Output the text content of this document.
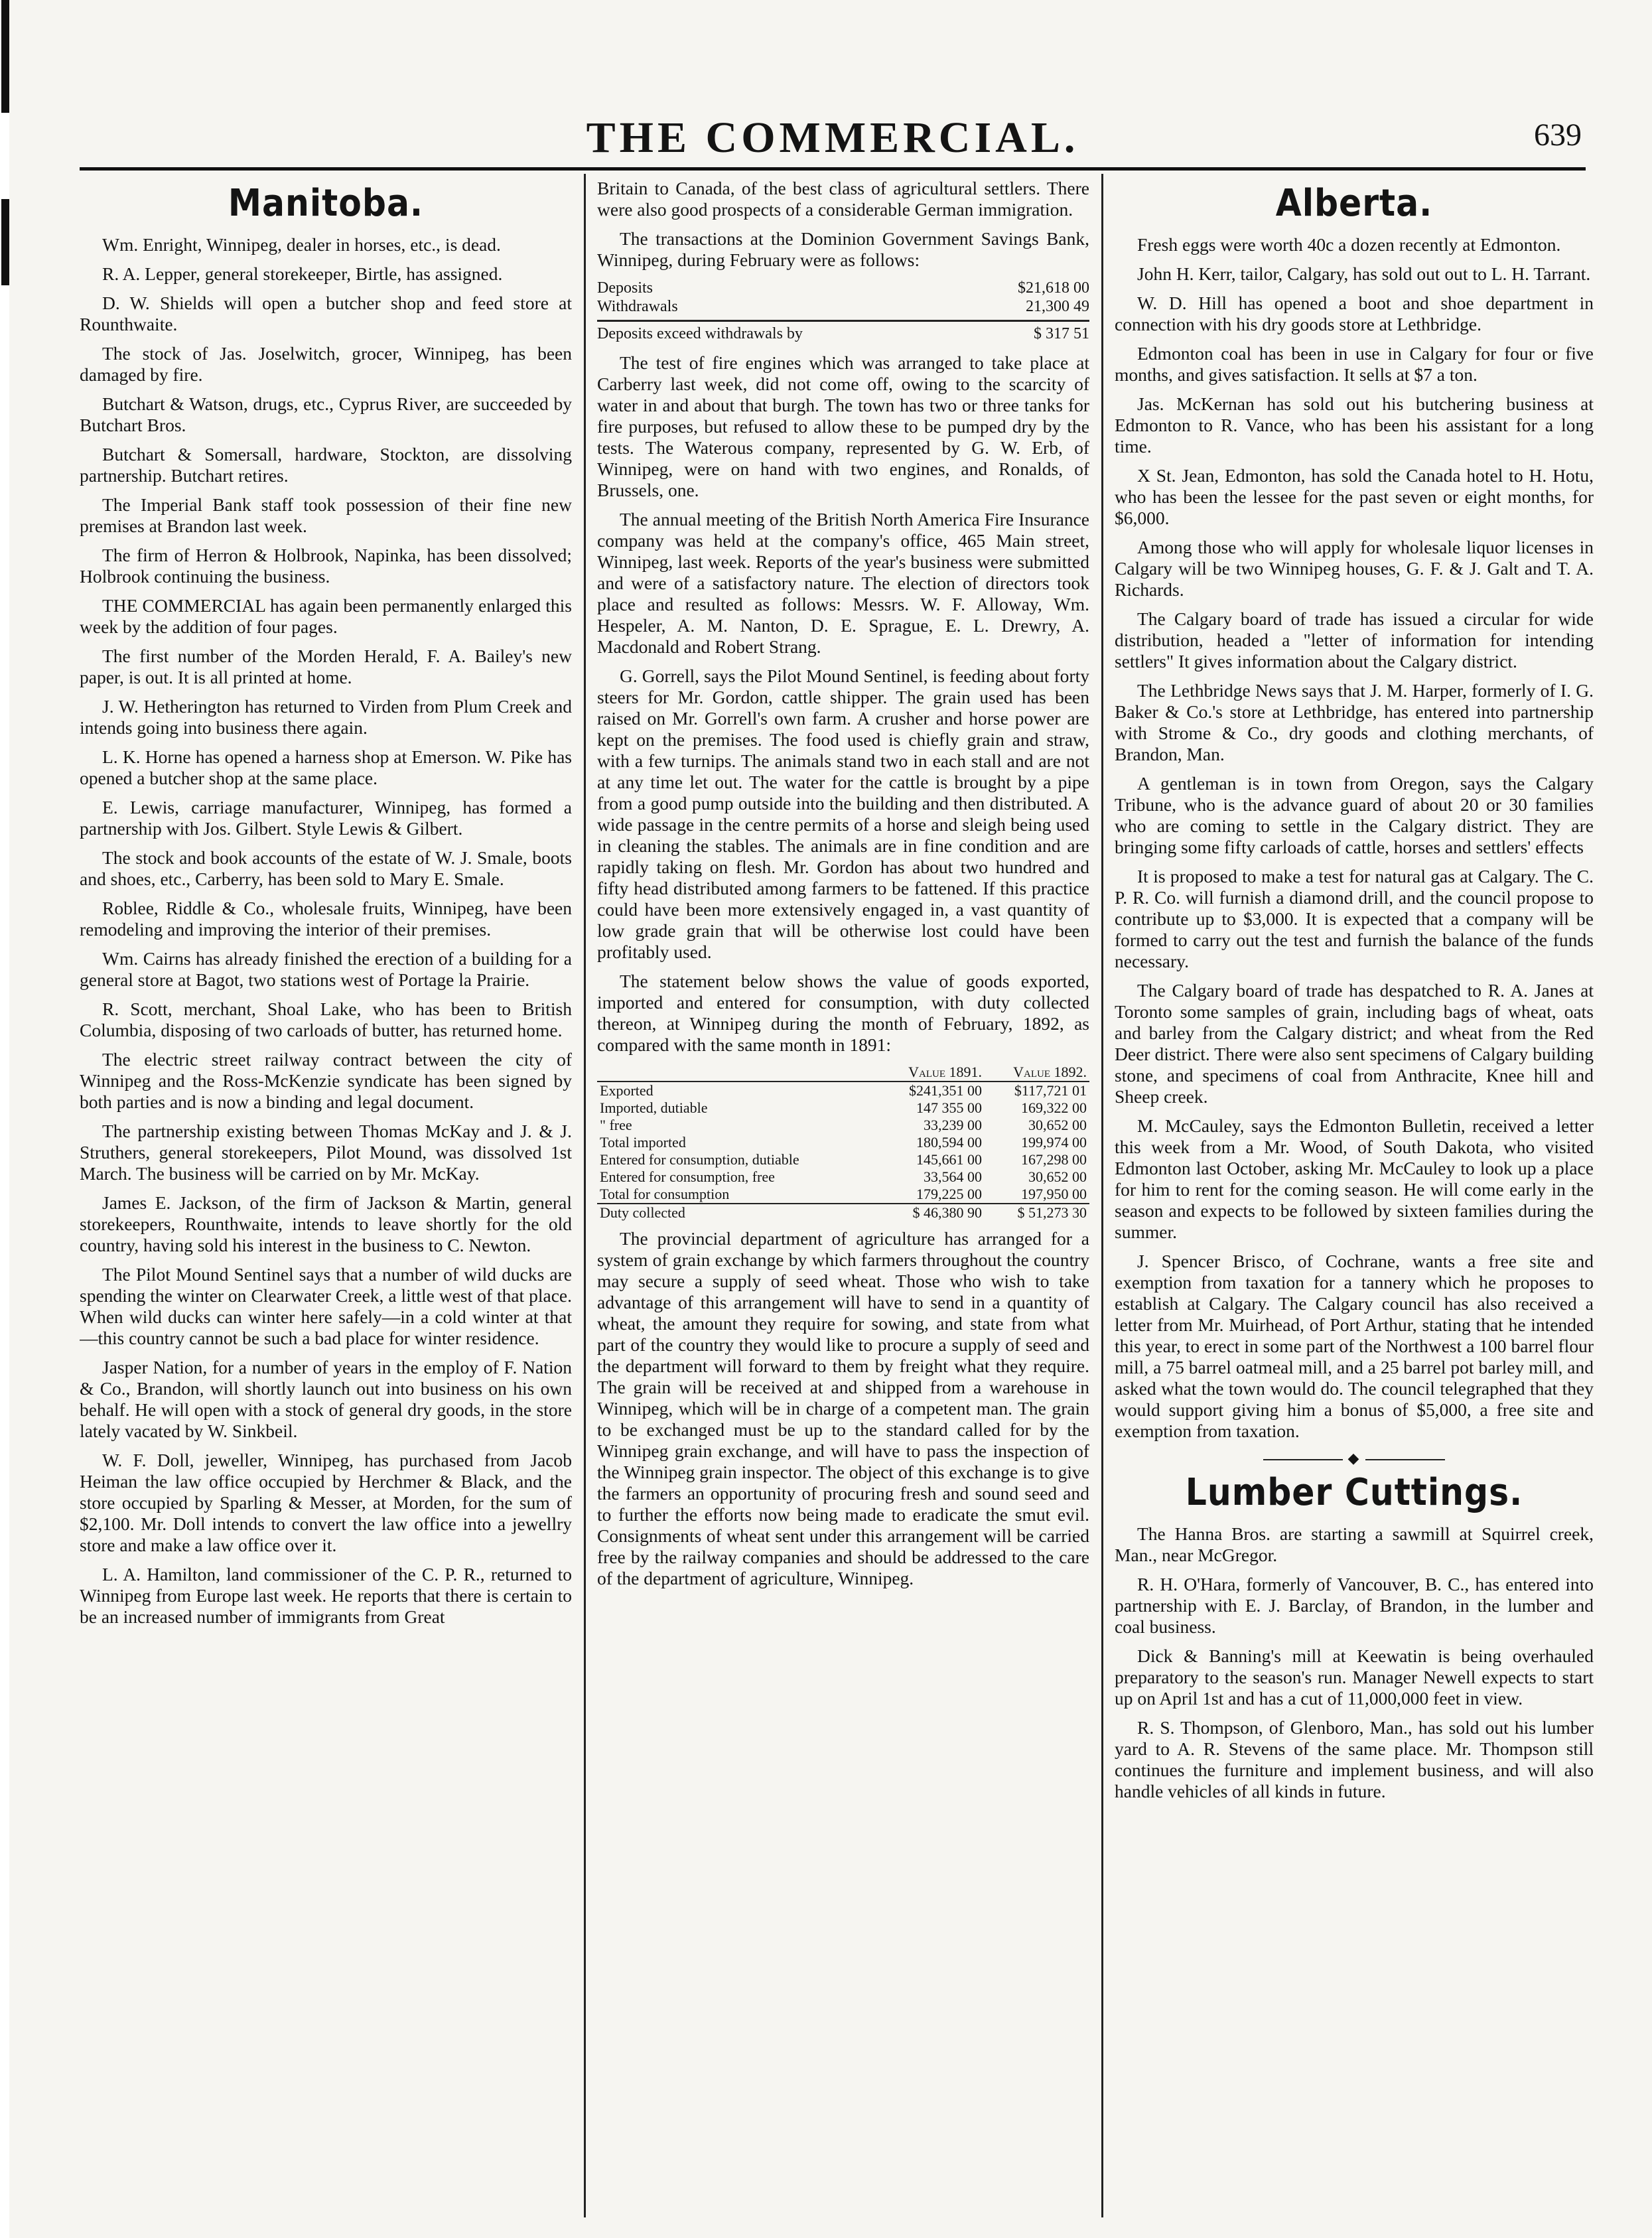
THE COMMERCIAL.	639
Manitoba.

Wm. Enright, Winnipeg, dealer in horses, etc., is dead.

R. A. Lepper, general storekeeper, Birtle, has assigned.

D. W. Shields will open a butcher shop and feed store at Rounthwaite.

The stock of Jas. Joselwitch, grocer, Winnipeg, has been damaged by fire.

Butchart & Watson, drugs, etc., Cyprus River, are succeeded by Butchart Bros.

Butchart & Somersall, hardware, Stockton, are dissolving partnership. Butchart retires.

The Imperial Bank staff took possession of their fine new premises at Brandon last week.

The firm of Herron & Holbrook, Napinka, has been dissolved; Holbrook continuing the business.

THE COMMERCIAL has again been permanently enlarged this week by the addition of four pages.

The first number of the Morden Herald, F. A. Bailey's new paper, is out. It is all printed at home.

J. W. Hetherington has returned to Virden from Plum Creek and intends going into business there again.

L. K. Horne has opened a harness shop at Emerson. W. Pike has opened a butcher shop at the same place.

E. Lewis, carriage manufacturer, Winnipeg, has formed a partnership with Jos. Gilbert. Style Lewis & Gilbert.

The stock and book accounts of the estate of W. J. Smale, boots and shoes, etc., Carberry, has been sold to Mary E. Smale.

Roblee, Riddle & Co., wholesale fruits, Winnipeg, have been remodeling and improving the interior of their premises.

Wm. Cairns has already finished the erection of a building for a general store at Bagot, two stations west of Portage la Prairie.

R. Scott, merchant, Shoal Lake, who has been to British Columbia, disposing of two carloads of butter, has returned home.

The electric street railway contract between the city of Winnipeg and the Ross-McKenzie syndicate has been signed by both parties and is now a binding and legal document.

The partnership existing between Thomas McKay and J. & J. Struthers, general storekeepers, Pilot Mound, was dissolved 1st March. The business will be carried on by Mr. McKay.

James E. Jackson, of the firm of Jackson & Martin, general storekeepers, Rounthwaite, intends to leave shortly for the old country, having sold his interest in the business to C. Newton.

The Pilot Mound Sentinel says that a number of wild ducks are spending the winter on Clearwater Creek, a little west of that place. When wild ducks can winter here safely—in a cold winter at that—this country cannot be such a bad place for winter residence.

Jasper Nation, for a number of years in the employ of F. Nation & Co., Brandon, will shortly launch out into business on his own behalf. He will open with a stock of general dry goods, in the store lately vacated by W. Sinkbeil.

W. F. Doll, jeweller, Winnipeg, has purchased from Jacob Heiman the law office occupied by Herchmer & Black, and the store occupied by Sparling & Messer, at Morden, for the sum of $2,100. Mr. Doll intends to convert the law office into a jewellry store and make a law office over it.

L. A. Hamilton, land commissioner of the C. P. R., returned to Winnipeg from Europe last week. He reports that there is certain to be an increased number of immigrants from Great

Britain to Canada, of the best class of agricultural settlers. There were also good prospects of a considerable German immigration.

The transactions at the Dominion Government Savings Bank, Winnipeg, during February were as follows:

Deposits	$21,618 00
Withdrawals	21,300 49
Deposits exceed withdrawals by	$ 317 51

The test of fire engines which was arranged to take place at Carberry last week, did not come off, owing to the scarcity of water in and about that burgh. The town has two or three tanks for fire purposes, but refused to allow these to be pumped dry by the tests. The Waterous company, represented by G. W. Erb, of Winnipeg, were on hand with two engines, and Ronalds, of Brussels, one.

The annual meeting of the British North America Fire Insurance company was held at the company's office, 465 Main street, Winnipeg, last week. Reports of the year's business were submitted and were of a satisfactory nature. The election of directors took place and resulted as follows: Messrs. W. F. Alloway, Wm. Hespeler, A. M. Nanton, D. E. Sprague, E. L. Drewry, A. Macdonald and Robert Strang.

G. Gorrell, says the Pilot Mound Sentinel, is feeding about forty steers for Mr. Gordon, cattle shipper. The grain used has been raised on Mr. Gorrell's own farm. A crusher and horse power are kept on the premises. The food used is chiefly grain and straw, with a few turnips. The animals stand two in each stall and are not at any time let out. The water for the cattle is brought by a pipe from a good pump outside into the building and then distributed. A wide passage in the centre permits of a horse and sleigh being used in cleaning the stables. The animals are in fine condition and are rapidly taking on flesh. Mr. Gordon has about two hundred and fifty head distributed among farmers to be fattened. If this practice could have been more extensively engaged in, a vast quantity of low grade grain that will be otherwise lost could have been profitably used.

The statement below shows the value of goods exported, imported and entered for consumption, with duty collected thereon, at Winnipeg during the month of February, 1892, as compared with the same month in 1891:

	Value 1891.	Value 1892.
Exported	$241,351 00	$117,721 01
Imported, dutiable	147 355 00	169,322 00
" free	33,239 00	30,652 00
Total imported	180,594 00	199,974 00
Entered for consumption, dutiable	145,661 00	167,298 00
Entered for consumption, free	33,564 00	30,652 00
Total for consumption	179,225 00	197,950 00
Duty collected	$ 46,380 90	$ 51,273 30

The provincial department of agriculture has arranged for a system of grain exchange by which farmers throughout the country may secure a supply of seed wheat. Those who wish to take advantage of this arrangement will have to send in a quantity of wheat, the amount they require for sowing, and state from what part of the country they would like to procure a supply of seed and the department will forward to them by freight what they require. The grain will be received at and shipped from a warehouse in Winnipeg, which will be in charge of a competent man. The grain to be exchanged must be up to the standard called for by the Winnipeg grain exchange, and will have to pass the inspection of the Winnipeg grain inspector. The object of this exchange is to give the farmers an opportunity of procuring fresh and sound seed and to further the efforts now being made to eradicate the smut evil. Consignments of wheat sent under this arrangement will be carried free by the railway companies and should be addressed to the care of the department of agriculture, Winnipeg.

Alberta.

Fresh eggs were worth 40c a dozen recently at Edmonton.

John H. Kerr, tailor, Calgary, has sold out out to L. H. Tarrant.

W. D. Hill has opened a boot and shoe department in connection with his dry goods store at Lethbridge.

Edmonton coal has been in use in Calgary for four or five months, and gives satisfaction. It sells at $7 a ton.

Jas. McKernan has sold out his butchering business at Edmonton to R. Vance, who has been his assistant for a long time.

X St. Jean, Edmonton, has sold the Canada hotel to H. Hotu, who has been the lessee for the past seven or eight months, for $6,000.

Among those who will apply for wholesale liquor licenses in Calgary will be two Winnipeg houses, G. F. & J. Galt and T. A. Richards.

The Calgary board of trade has issued a circular for wide distribution, headed a "letter of information for intending settlers" It gives information about the Calgary district.

The Lethbridge News says that J. M. Harper, formerly of I. G. Baker & Co.'s store at Lethbridge, has entered into partnership with Strome & Co., dry goods and clothing merchants, of Brandon, Man.

A gentleman is in town from Oregon, says the Calgary Tribune, who is the advance guard of about 20 or 30 families who are coming to settle in the Calgary district. They are bringing some fifty carloads of cattle, horses and settlers' effects

It is proposed to make a test for natural gas at Calgary. The C. P. R. Co. will furnish a diamond drill, and the council propose to contribute up to $3,000. It is expected that a company will be formed to carry out the test and furnish the balance of the funds necessary.

The Calgary board of trade has despatched to R. A. Janes at Toronto some samples of grain, including bags of wheat, oats and barley from the Calgary district; and wheat from the Red Deer district. There were also sent specimens of Calgary building stone, and specimens of coal from Anthracite, Knee hill and Sheep creek.

M. McCauley, says the Edmonton Bulletin, received a letter this week from a Mr. Wood, of South Dakota, who visited Edmonton last October, asking Mr. McCauley to look up a place for him to rent for the coming season. He will come early in the season and expects to be followed by sixteen families during the summer.

J. Spencer Brisco, of Cochrane, wants a free site and exemption from taxation for a tannery which he proposes to establish at Calgary. The Calgary council has also received a letter from Mr. Muirhead, of Port Arthur, stating that he intended this year, to erect in some part of the Northwest a 100 barrel flour mill, a 75 barrel oatmeal mill, and a 25 barrel pot barley mill, and asked what the town would do. The council telegraphed that they would support giving him a bonus of $5,000, a free site and exemption from taxation.

◆
Lumber Cuttings.

The Hanna Bros. are starting a sawmill at Squirrel creek, Man., near McGregor.

R. H. O'Hara, formerly of Vancouver, B. C., has entered into partnership with E. J. Barclay, of Brandon, in the lumber and coal business.

Dick & Banning's mill at Keewatin is being overhauled preparatory to the season's run. Manager Newell expects to start up on April 1st and has a cut of 11,000,000 feet in view.

R. S. Thompson, of Glenboro, Man., has sold out his lumber yard to A. R. Stevens of the same place. Mr. Thompson still continues the furniture and implement business, and will also handle vehicles of all kinds in future.
